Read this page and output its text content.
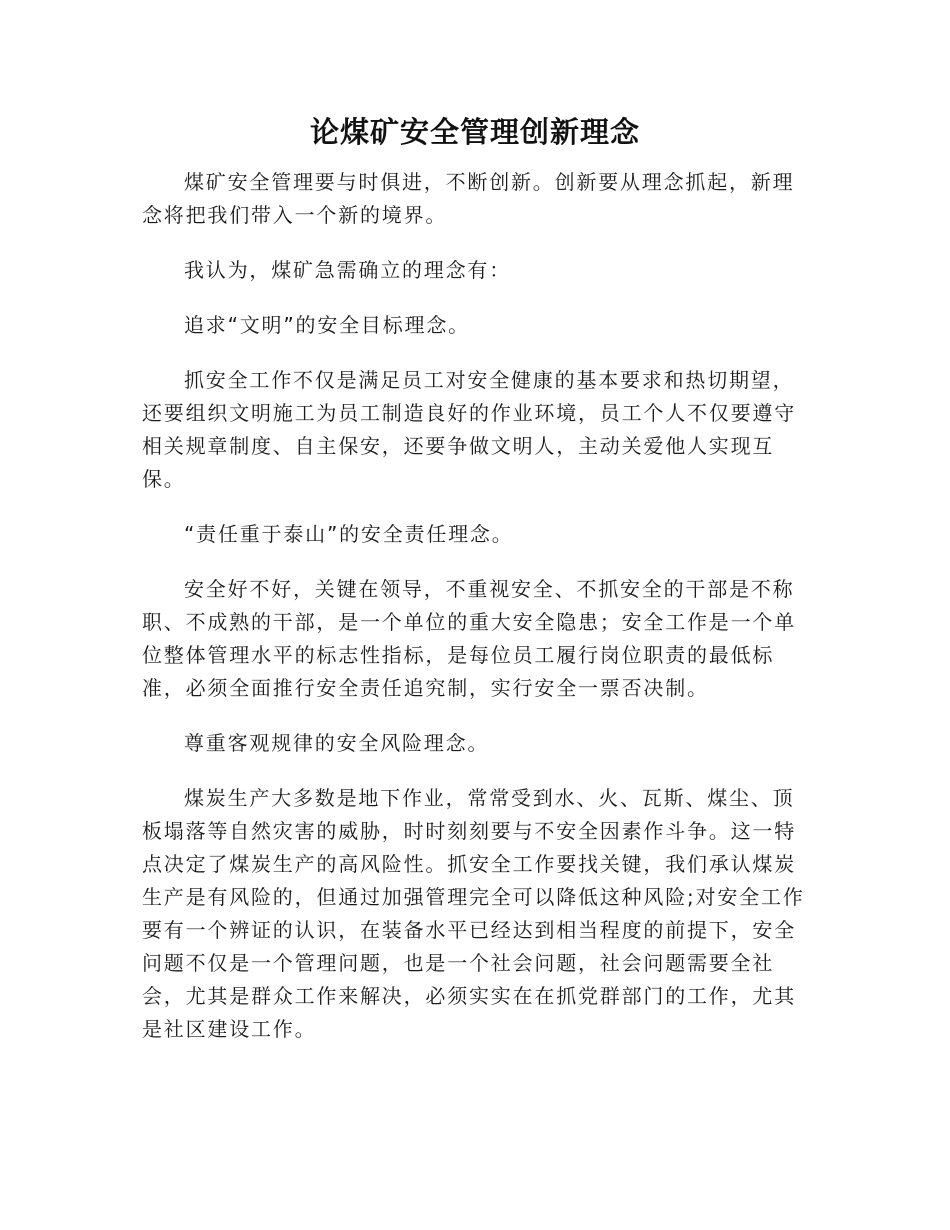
论煤矿安全管理创新理念

煤矿安全管理要与时俱进，不断创新。创新要从理念抓起，新理念将把我们带入一个新的境界。

我认为，煤矿急需确立的理念有：

追求“文明”的安全目标理念。

抓安全工作不仅是满足员工对安全健康的基本要求和热切期望，还要组织文明施工为员工制造良好的作业环境，员工个人不仅要遵守相关规章制度、自主保安，还要争做文明人，主动关爱他人实现互保。

“责任重于泰山”的安全责任理念。

安全好不好，关键在领导，不重视安全、不抓安全的干部是不称职、不成熟的干部，是一个单位的重大安全隐患；安全工作是一个单位整体管理水平的标志性指标，是每位员工履行岗位职责的最低标准，必须全面推行安全责任追究制，实行安全一票否决制。

尊重客观规律的安全风险理念。

煤炭生产大多数是地下作业，常常受到水、火、瓦斯、煤尘、顶板塌落等自然灾害的威胁，时时刻刻要与不安全因素作斗争。这一特点决定了煤炭生产的高风险性。抓安全工作要找关键，我们承认煤炭生产是有风险的，但通过加强管理完全可以降低这种风险;对安全工作要有一个辨证的认识，在装备水平已经达到相当程度的前提下，安全问题不仅是一个管理问题，也是一个社会问题，社会问题需要全社会，尤其是群众工作来解决，必须实实在在抓党群部门的工作，尤其是社区建设工作。
